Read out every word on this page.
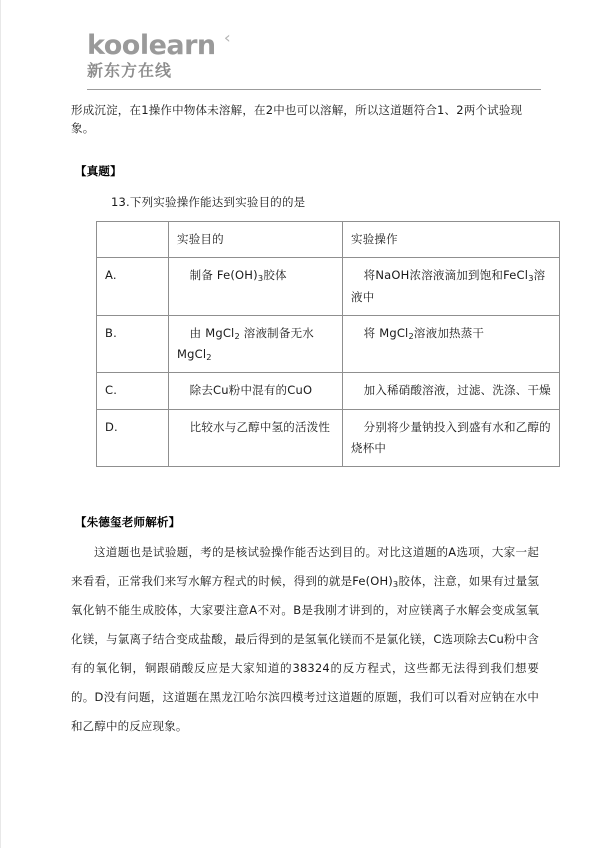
koolearn ‹
新东方在线
形成沉淀，在1操作中物体未溶解，在2中也可以溶解，所以这道题符合1、2两个试验现象。
【真题】
13.下列实验操作能达到实验目的的是
	实验目的	实验操作
A.	制备 $Fe(OH)_3$胶体	将NaOH浓溶液滴加到饱和FeCl$_3$溶液中

B.	由 MgCl$_2$ 溶液制备无水MgCl$_2$	将 MgCl$_2$溶液加热蒸干

C.	除去Cu粉中混有的CuO	加入稀硝酸溶液，过滤、洗涤、干燥

D.	比较水与乙醇中氢的活泼性	分别将少量钠投入到盛有水和乙醇的烧杯中
【朱德玺老师解析】
这道题也是试验题，考的是核试验操作能否达到目的。对比这道题的A选项，大家一起来看看，正常我们来写水解方程式的时候，得到的就是$Fe(OH)_3$胶体，注意，如果有过量氢氧化钠不能生成胶体，大家要注意A不对。B是我刚才讲到的，对应镁离子水解会变成氢氧化镁，与氯离子结合变成盐酸，最后得到的是氢氧化镁而不是氯化镁，C选项除去Cu粉中含有的氧化铜，铜跟硝酸反应是大家知道的38324的反方程式，这些都无法得到我们想要的。D没有问题，这道题在黑龙江哈尔滨四模考过这道题的原题，我们可以看对应钠在水中和乙醇中的反应现象。
